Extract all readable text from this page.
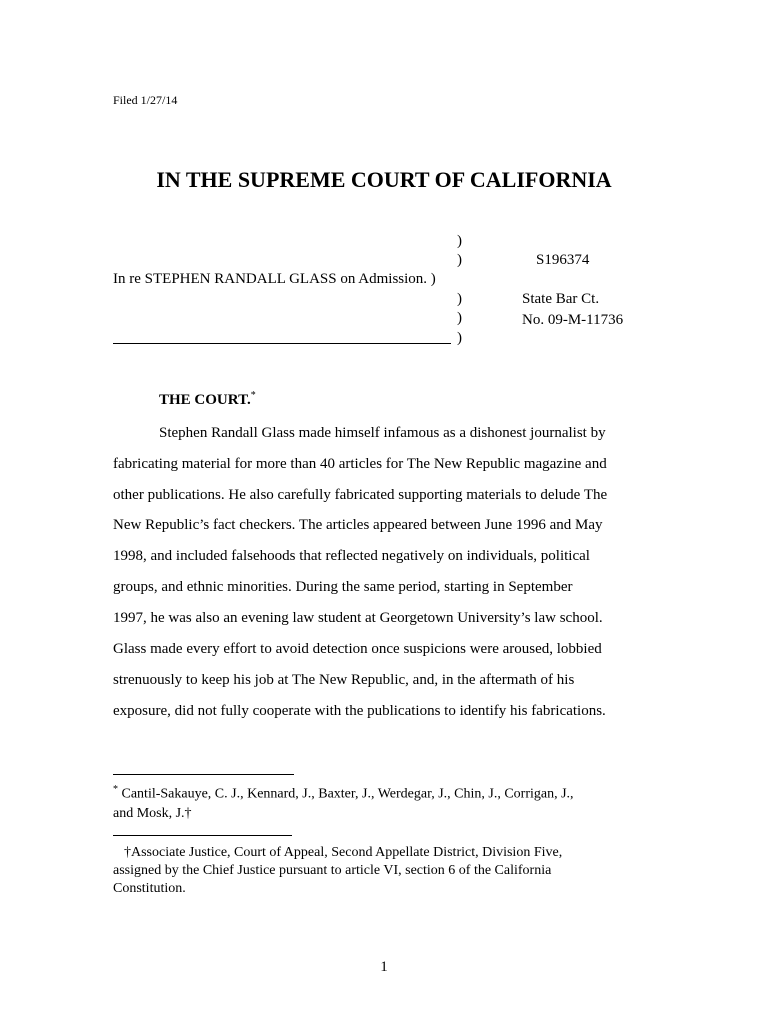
Filed 1/27/14
IN THE SUPREME COURT OF CALIFORNIA
)
)
)
)
)
In re STEPHEN RANDALL GLASS on Admission. )
S196374
State Bar Ct.
No. 09-M-11736
THE COURT.*
Stephen Randall Glass made himself infamous as a dishonest journalist by
fabricating material for more than 40 articles for The New Republic magazine and
other publications. He also carefully fabricated supporting materials to delude The
New Republic’s fact checkers. The articles appeared between June 1996 and May
1998, and included falsehoods that reflected negatively on individuals, political
groups, and ethnic minorities. During the same period, starting in September
1997, he was also an evening law student at Georgetown University’s law school.
Glass made every effort to avoid detection once suspicions were aroused, lobbied
strenuously to keep his job at The New Republic, and, in the aftermath of his
exposure, did not fully cooperate with the publications to identify his fabrications.
* Cantil-Sakauye, C. J., Kennard, J., Baxter, J., Werdegar, J., Chin, J., Corrigan, J.,
and Mosk, J.†
†Associate Justice, Court of Appeal, Second Appellate District, Division Five,
assigned by the Chief Justice pursuant to article VI, section 6 of the California
Constitution.
1
